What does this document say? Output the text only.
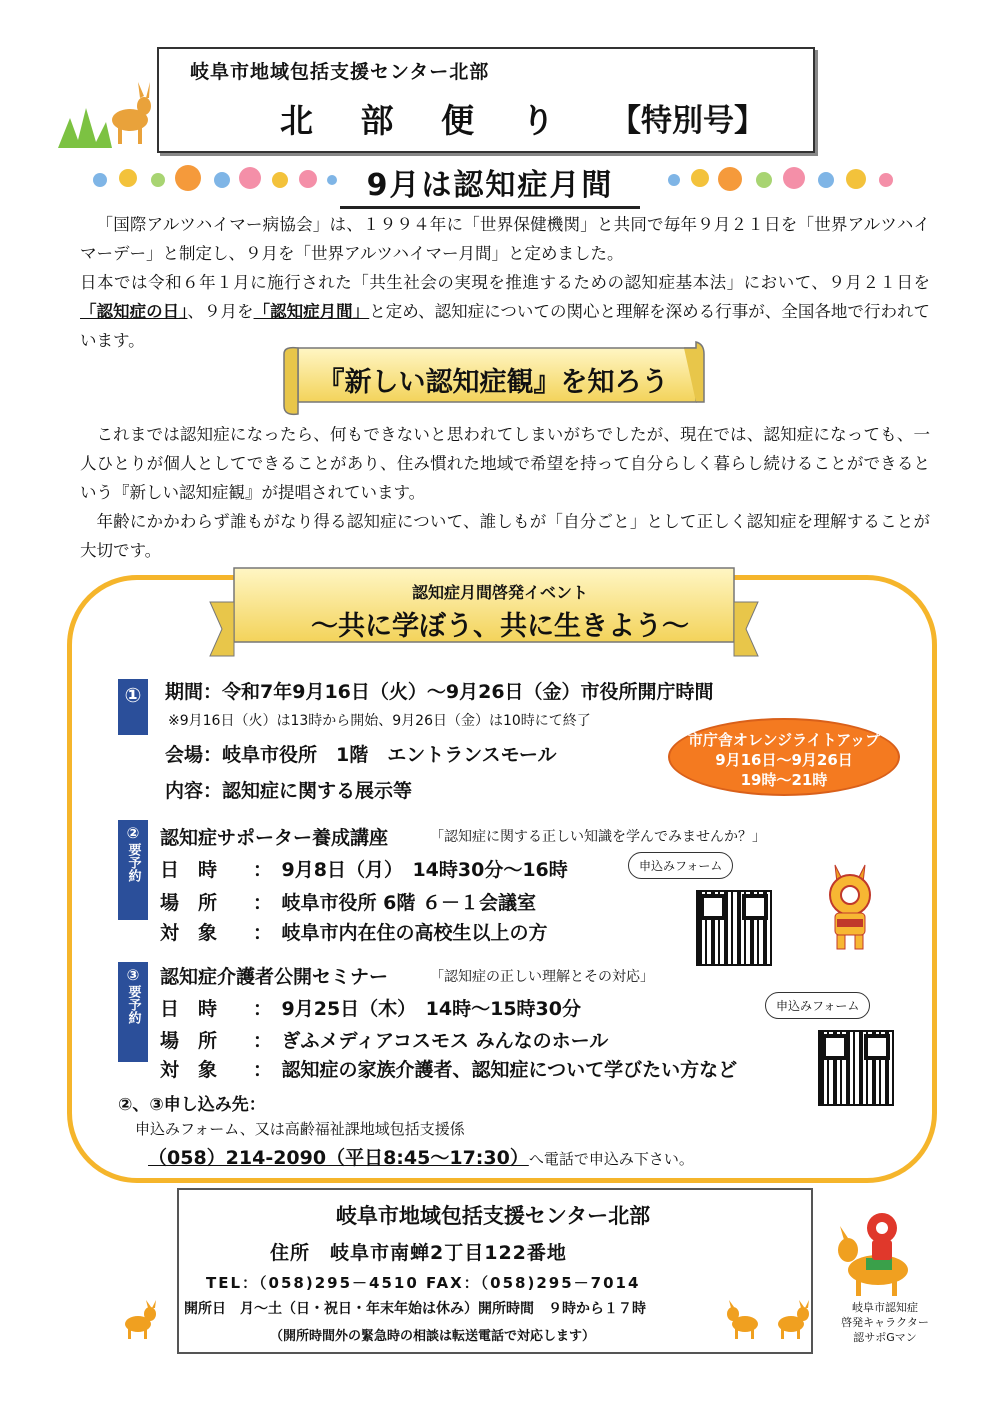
岐阜市地域包括支援センター北部
北 部 便 り 【特別号】
9月は認知症月間
「国際アルツハイマー病協会」は、１９９４年に「世界保健機関」と共同で毎年９月２１日を「世界アルツハイマーデー」と制定し、９月を「世界アルツハイマー月間」と定めました。
日本では令和６年１月に施行された「共生社会の実現を推進するための認知症基本法」において、９月２１日を「認知症の日」、９月を「認知症月間」と定め、認知症についての関心と理解を深める行事が、全国各地で行われています。
『新しい認知症観』を知ろう
これまでは認知症になったら、何もできないと思われてしまいがちでしたが、現在では、認知症になっても、一人ひとりが個人としてできることがあり、住み慣れた地域で希望を持って自分らしく暮らし続けることができるという『新しい認知症観』が提唱されています。
年齢にかかわらず誰もがなり得る認知症について、誰しもが「自分ごと」として正しく認知症を理解することが大切です。
認知症月間啓発イベント
～共に学ぼう、共に生きよう～
①	期間：令和7年9月16日（火）～9月26日（金）市役所開庁時間
※9月16日（火）は13時から開始、9月26日（金）は10時にて終了
会場：岐阜市役所　1階　エントランスモール
内容：認知症に関する展示等
市庁舎オレンジライトアップ
9月16日～9月26日
19時～21時
②
要予約
認知症サポーター養成講座	「認知症に関する正しい知識を学んでみませんか？」
日　時 ：　9月8日（月）　14時30分～16時
場　所 ：　岐阜市役所 6階 ６－１会議室
対　象 ：　岐阜市内在住の高校生以上の方
申込みフォーム
③
要予約
認知症介護者公開セミナー	「認知症の正しい理解とその対応」
日　時 ：　9月25日（木）　14時～15時30分
場　所 ：　ぎふメディアコスモス みんなのホール
対　象 ：　認知症の家族介護者、認知症について学びたい方など
申込みフォーム
②、③申し込み先：
申込みフォーム、又は高齢福祉課地域包括支援係
（058）214-2090（平日8:45～17:30）へ電話で申込み下さい。
岐阜市地域包括支援センター北部
住所　岐阜市南蝉2丁目122番地
TEL：（058)295－4510 FAX：（058)295－7014
開所日　月～土（日・祝日・年末年始は休み）開所時間　９時から１７時
（開所時間外の緊急時の相談は転送電話で対応します）
岐阜市認知症
啓発キャラクター
認サポGマン
